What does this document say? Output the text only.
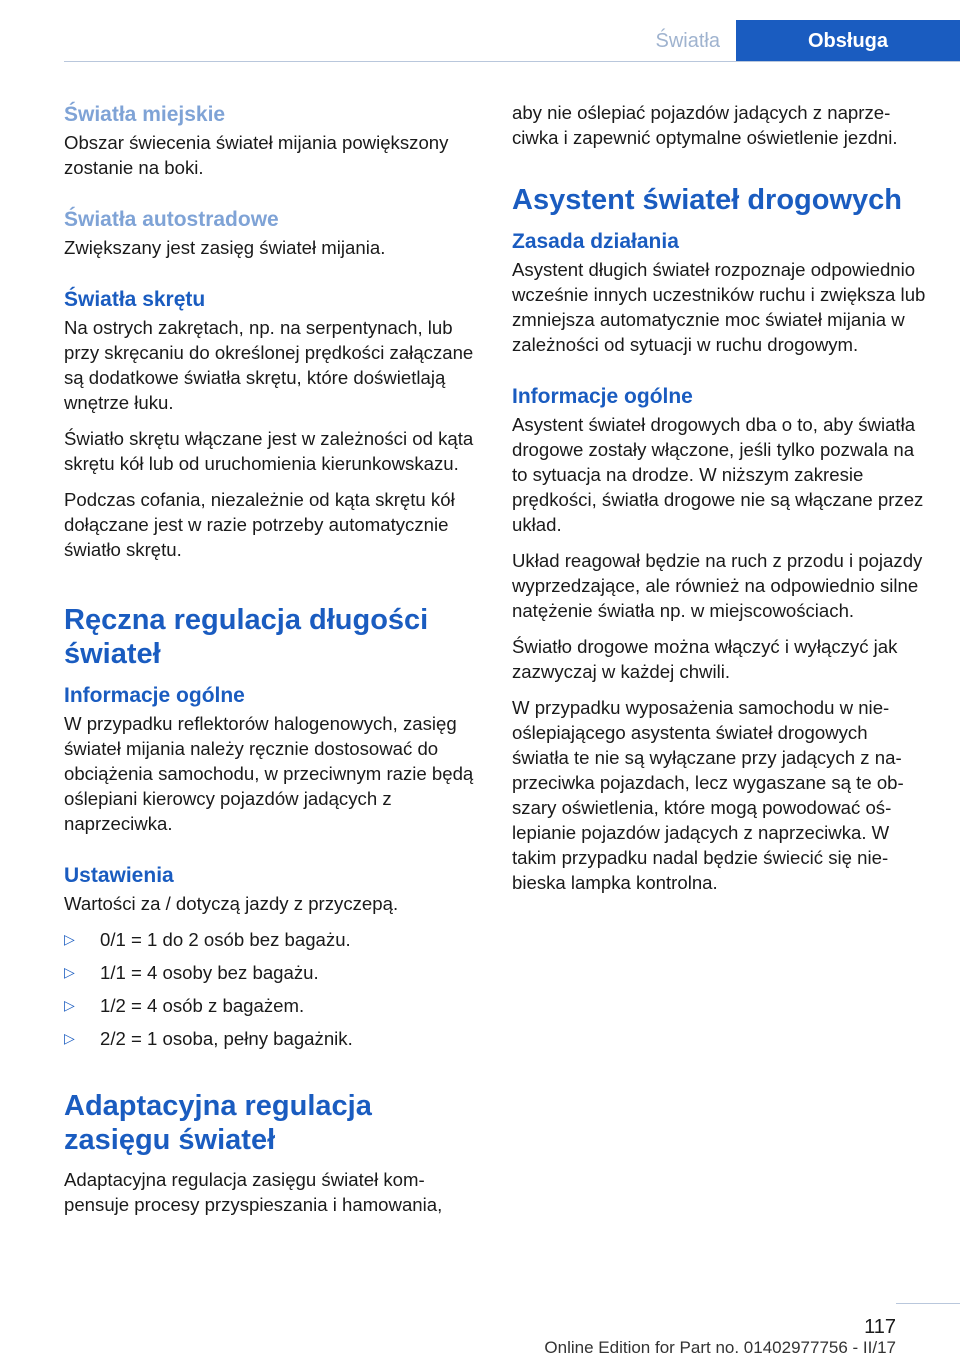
Światła	Obsługa
Światła miejskie

Obszar świecenia świateł mijania powiększony zostanie na boki.

Światła autostradowe

Zwiększany jest zasięg świateł mijania.

Światła skrętu

Na ostrych zakrętach, np. na serpentynach, lub przy skręcaniu do określonej prędkości załączane są dodatkowe światła skrętu, które doświetlają wnętrze łuku.

Światło skrętu włączane jest w zależności od kąta skrętu kół lub od uruchomienia kierunkowskazu.

Podczas cofania, niezależnie od kąta skrętu kół dołączane jest w razie potrzeby automatycznie światło skrętu.

Ręczna regulacja długości świateł
Informacje ogólne

W przypadku reflektorów halogenowych, zasięg świateł mijania należy ręcznie dostosować do obciążenia samochodu, w przeciwnym razie będą oślepiani kierowcy pojazdów jadących z naprzeciwka.

Ustawienia

Wartości za / dotyczą jazdy z przyczepą.

▷	0/1 = 1 do 2 osób bez bagażu.
▷	1/1 = 4 osoby bez bagażu.
▷	1/2 = 4 osób z bagażem.
▷	2/2 = 1 osoba, pełny bagażnik.
Adaptacyjna regulacja zasięgu świateł

Adaptacyjna regulacja zasięgu świateł kompensuje procesy przyspieszania i hamowania,

aby nie oślepiać pojazdów jadących z naprzeciwka i zapewnić optymalne oświetlenie jezdni.

Asystent świateł drogowych
Zasada działania

Asystent długich świateł rozpoznaje odpowiednio wcześnie innych uczestników ruchu i zwiększa lub zmniejsza automatycznie moc świateł mijania w zależności od sytuacji w ruchu drogowym.

Informacje ogólne

Asystent świateł drogowych dba o to, aby światła drogowe zostały włączone, jeśli tylko pozwala na to sytuacja na drodze. W niższym zakresie prędkości, światła drogowe nie są włączane przez układ.

Układ reagował będzie na ruch z przodu i pojazdy wyprzedzające, ale również na odpowiednio silne natężenie światła np. w miejscowościach.

Światło drogowe można włączyć i wyłączyć jak zazwyczaj w każdej chwili.

W przypadku wyposażenia samochodu w nieoślepiającego asystenta świateł drogowych światła te nie są wyłączane przy jadących z naprzeciwka pojazdach, lecz wygaszane są te obszary oświetlenia, które mogą powodować oślepianie pojazdów jadących z naprzeciwka. W takim przypadku nadal będzie świecić się niebieska lampka kontrolna.

117
Online Edition for Part no. 01402977756 - II/17
